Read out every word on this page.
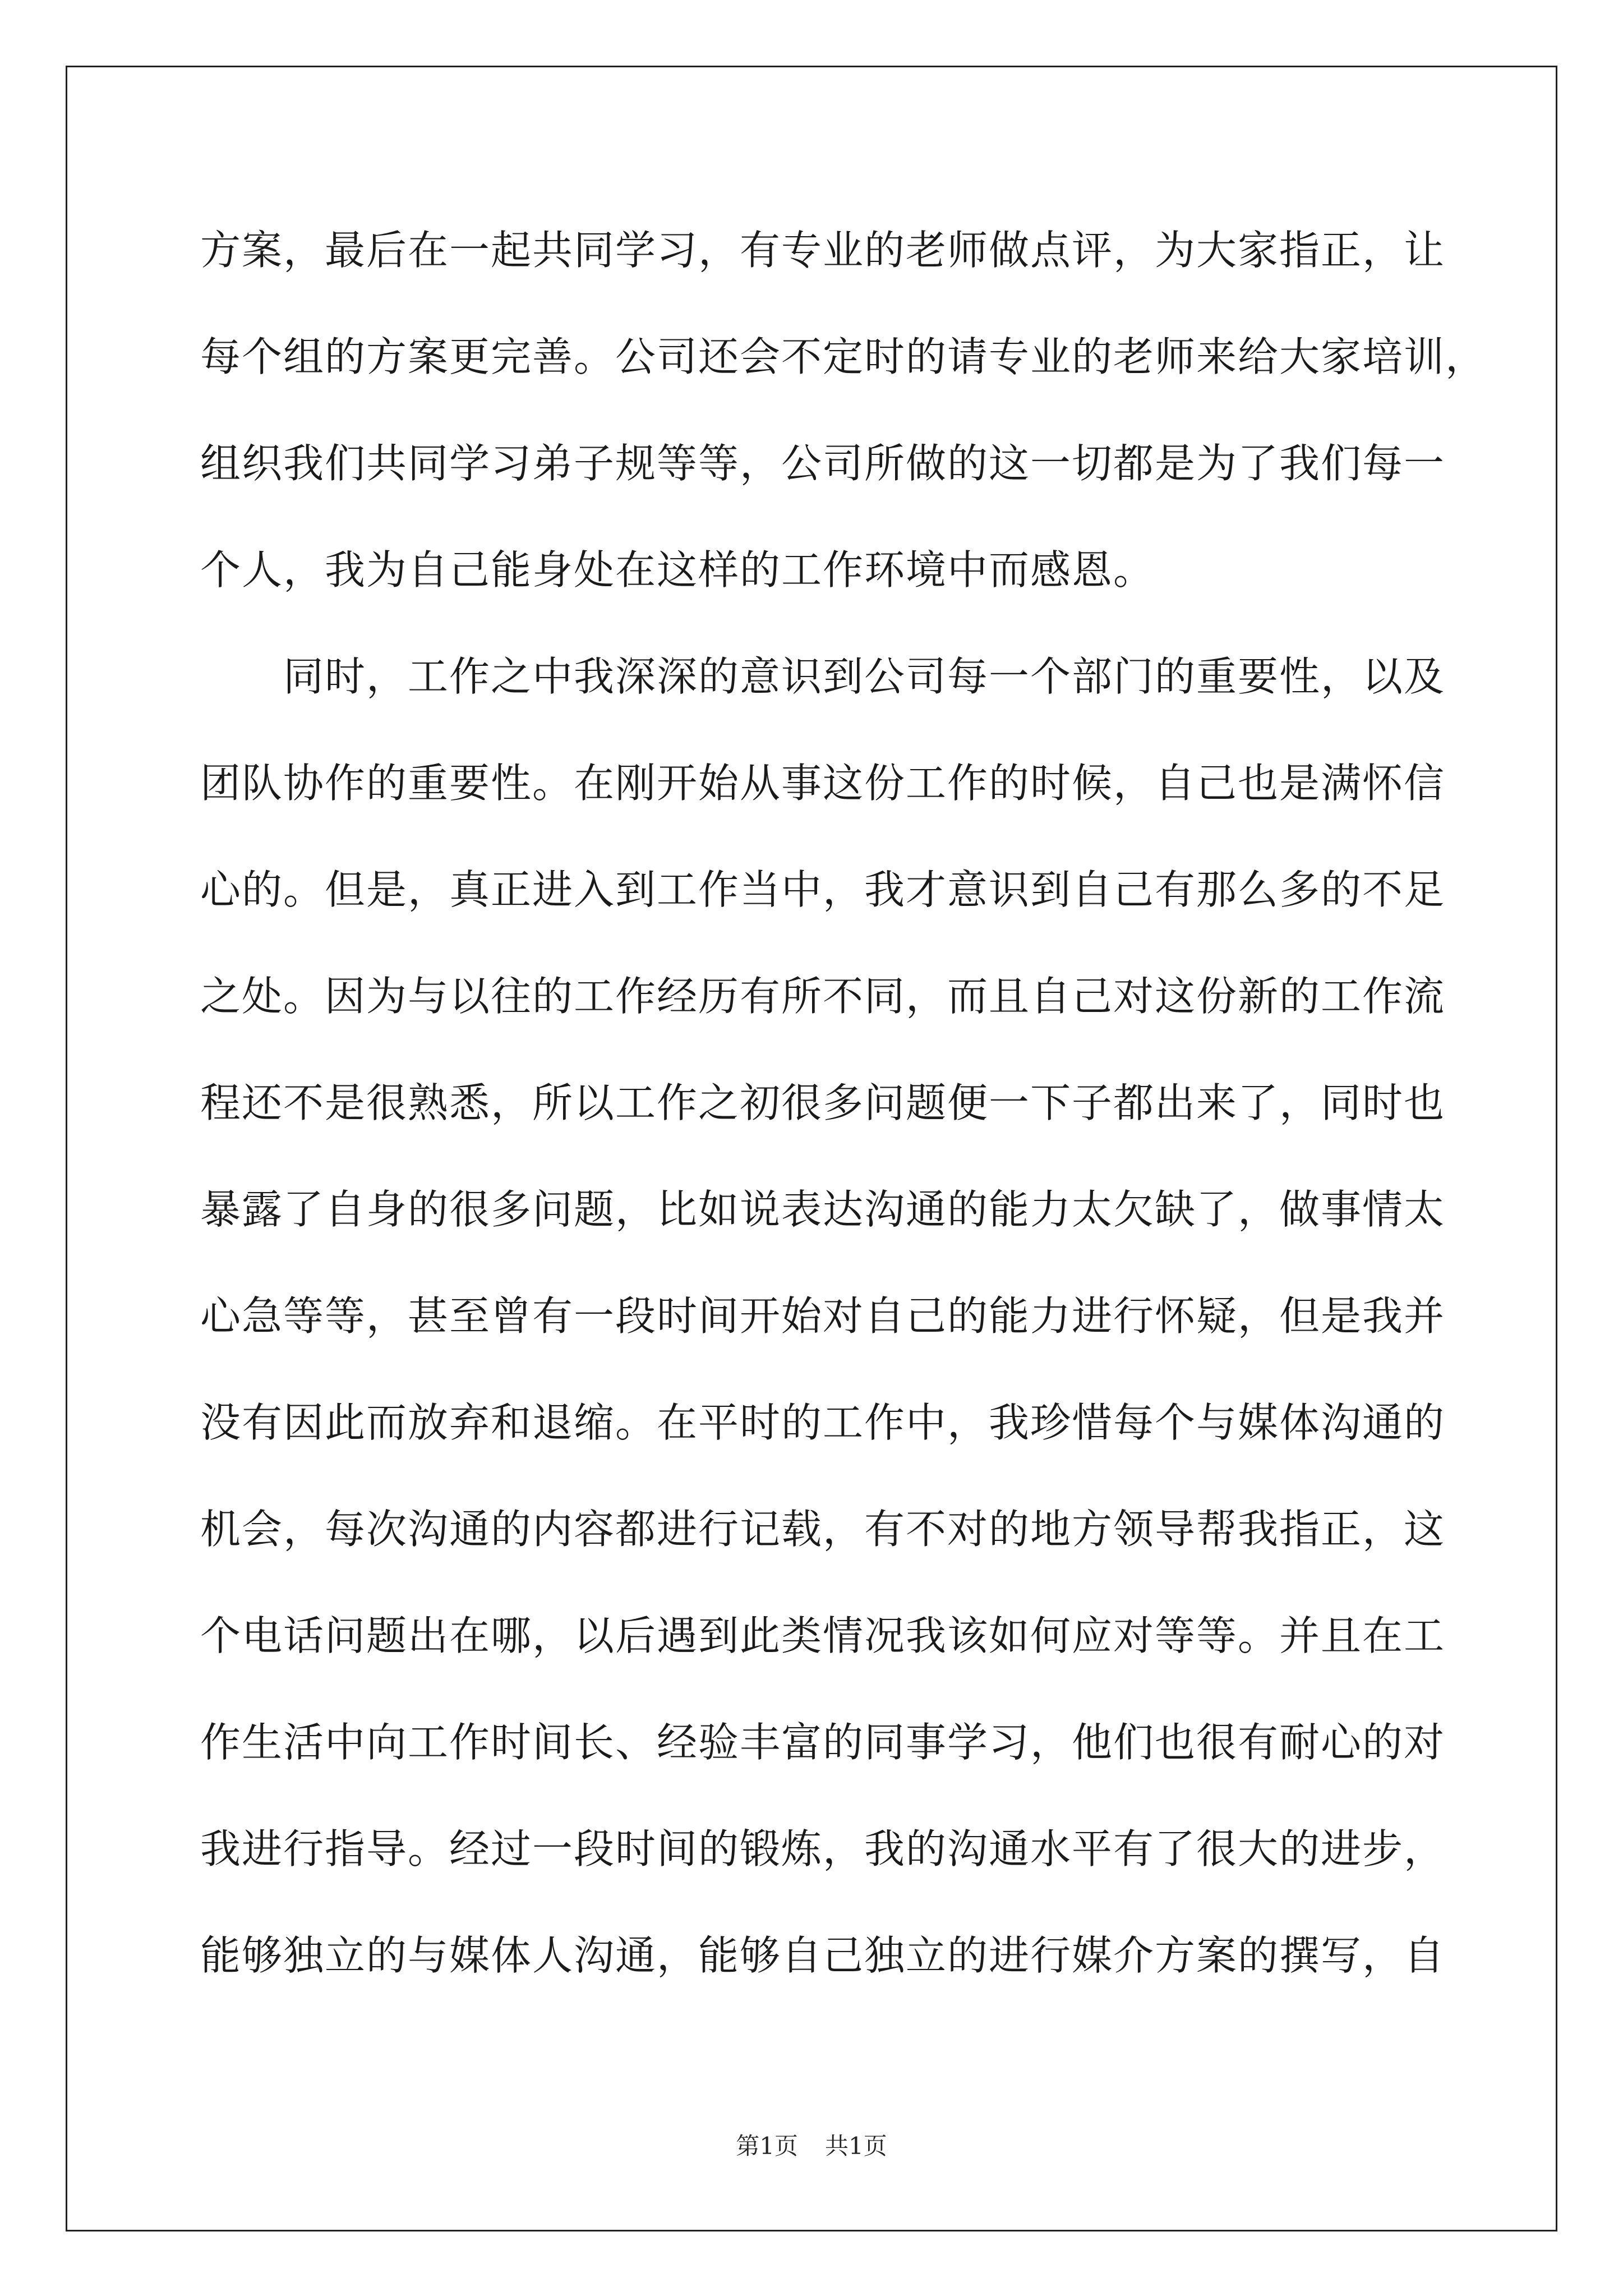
方案，最后在一起共同学习，有专业的老师做点评，为大家指正，让
每个组的方案更完善。公司还会不定时的请专业的老师来给大家培训，
组织我们共同学习弟子规等等，公司所做的这一切都是为了我们每一
个人，我为自己能身处在这样的工作环境中而感恩。
　　同时，工作之中我深深的意识到公司每一个部门的重要性，以及
团队协作的重要性。在刚开始从事这份工作的时候，自己也是满怀信
心的。但是，真正进入到工作当中，我才意识到自己有那么多的不足
之处。因为与以往的工作经历有所不同，而且自己对这份新的工作流
程还不是很熟悉，所以工作之初很多问题便一下子都出来了，同时也
暴露了自身的很多问题，比如说表达沟通的能力太欠缺了，做事情太
心急等等，甚至曾有一段时间开始对自己的能力进行怀疑，但是我并
没有因此而放弃和退缩。在平时的工作中，我珍惜每个与媒体沟通的
机会，每次沟通的内容都进行记载，有不对的地方领导帮我指正，这
个电话问题出在哪，以后遇到此类情况我该如何应对等等。并且在工
作生活中向工作时间长、经验丰富的同事学习，他们也很有耐心的对
我进行指导。经过一段时间的锻炼，我的沟通水平有了很大的进步，
能够独立的与媒体人沟通，能够自己独立的进行媒介方案的撰写，自
第1页 共1页
